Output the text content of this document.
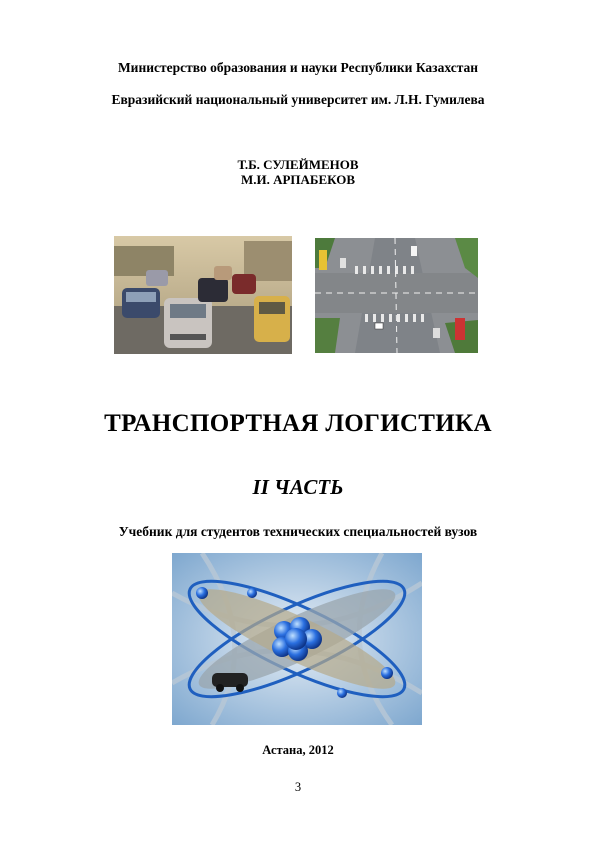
Министерство образования и науки Республики Казахстан
Евразийский национальный университет им. Л.Н. Гумилева
Т.Б. СУЛЕЙМЕНОВ
М.И. АРПАБЕКОВ
ТРАНСПОРТНАЯ ЛОГИСТИКА
II ЧАСТЬ
Учебник для студентов технических специальностей вузов
Астана, 2012
3
